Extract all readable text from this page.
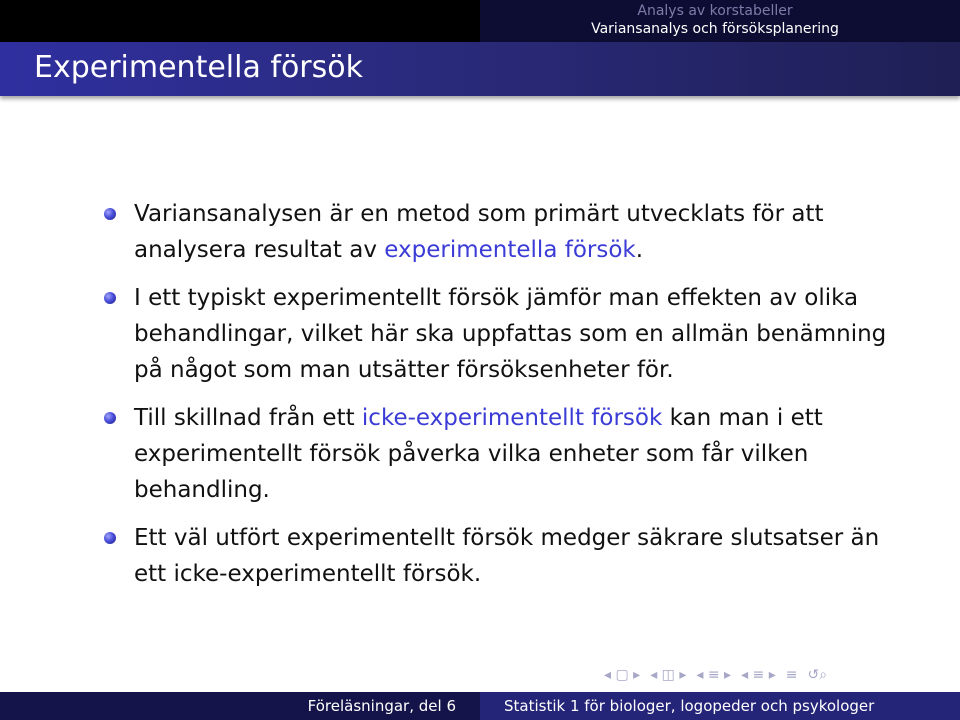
Analys av korstabeller
Variansanalys och försöksplanering
Experimentella försök
Variansanalysen är en metod som primärt utvecklats för att analysera resultat av experimentella försök.
I ett typiskt experimentellt försök jämför man effekten av olika behandlingar, vilket här ska uppfattas som en allmän benämning på något som man utsätter försöksenheter för.
Till skillnad från ett icke-experimentellt försök kan man i ett experimentellt försök påverka vilka enheter som får vilken behandling.
Ett väl utfört experimentellt försök medger säkrare slutsatser än ett icke-experimentellt försök.
◂ ▢ ▸ ◂ ◫ ▸ ◂ ≡ ▸ ◂ ≡ ▸ ≡ ↺⌕
Föreläsningar, del 6	Statistik 1 för biologer, logopeder och psykologer
